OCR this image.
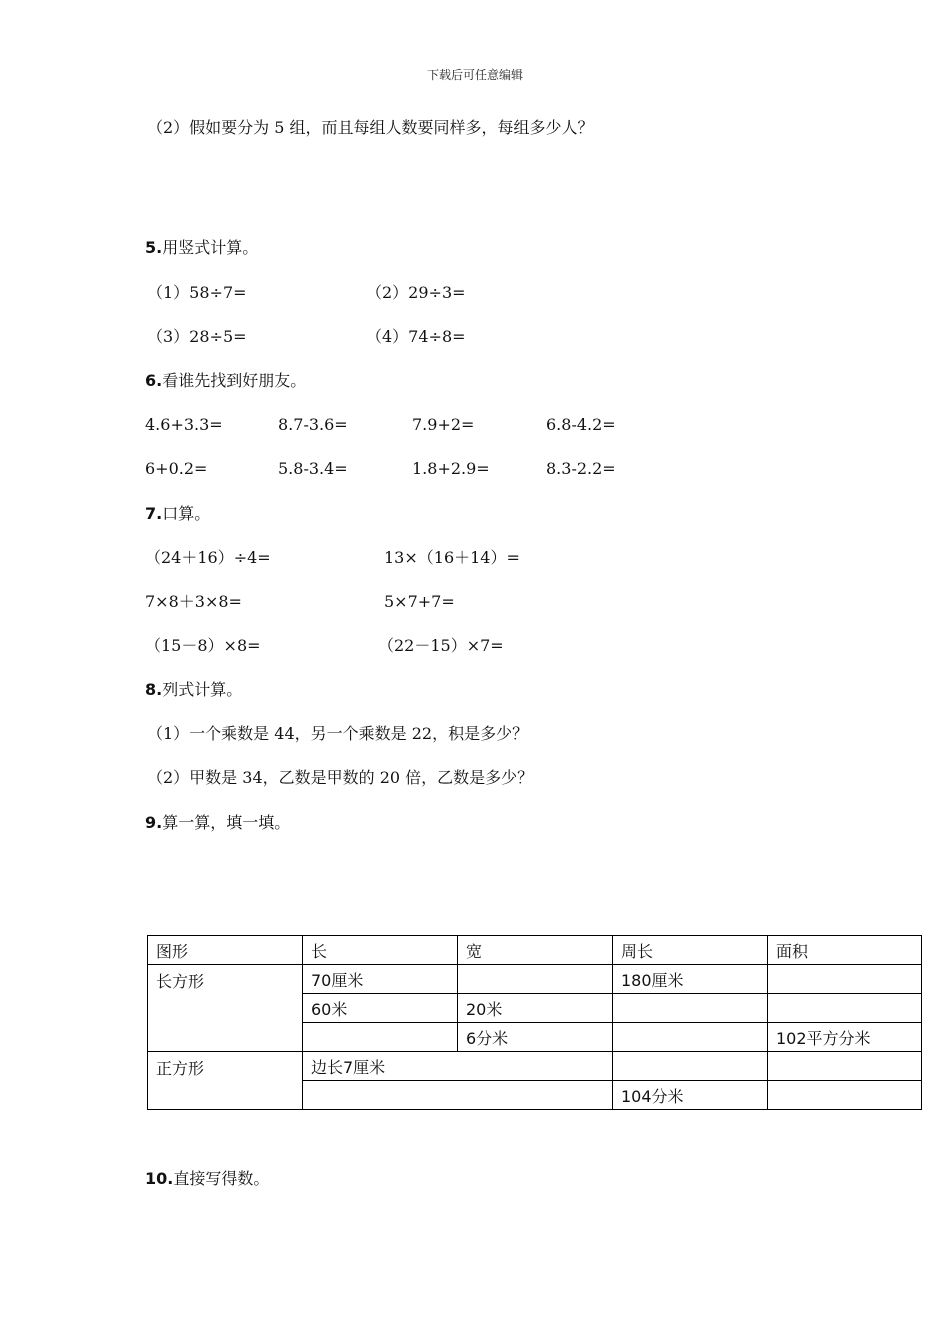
下载后可任意编辑
（2）假如要分为 5 组，而且每组人数要同样多，每组多少人？
5.用竖式计算。
（1）58÷7=	（2）29÷3=
（3）28÷5=	（4）74÷8=
6.看谁先找到好朋友。
4.6+3.3=	8.7-3.6=	7.9+2=	6.8-4.2=
6+0.2=	5.8-3.4=	1.8+2.9=	8.3-2.2=
7.口算。
（24＋16）÷4=	13×（16＋14）=
7×8＋3×8=	5×7+7=
（15－8）×8=	（22－15）×7=
8.列式计算。
（1）一个乘数是 44，另一个乘数是 22，积是多少？
（2）甲数是 34，乙数是甲数的 20 倍，乙数是多少？
9.算一算，填一填。
图形	长	宽	周长	面积
长方形	70厘米		180厘米	
	60米	20米		
		6分米		102平方分米
正方形	边长7厘米			
			104分米	
10.直接写得数。
